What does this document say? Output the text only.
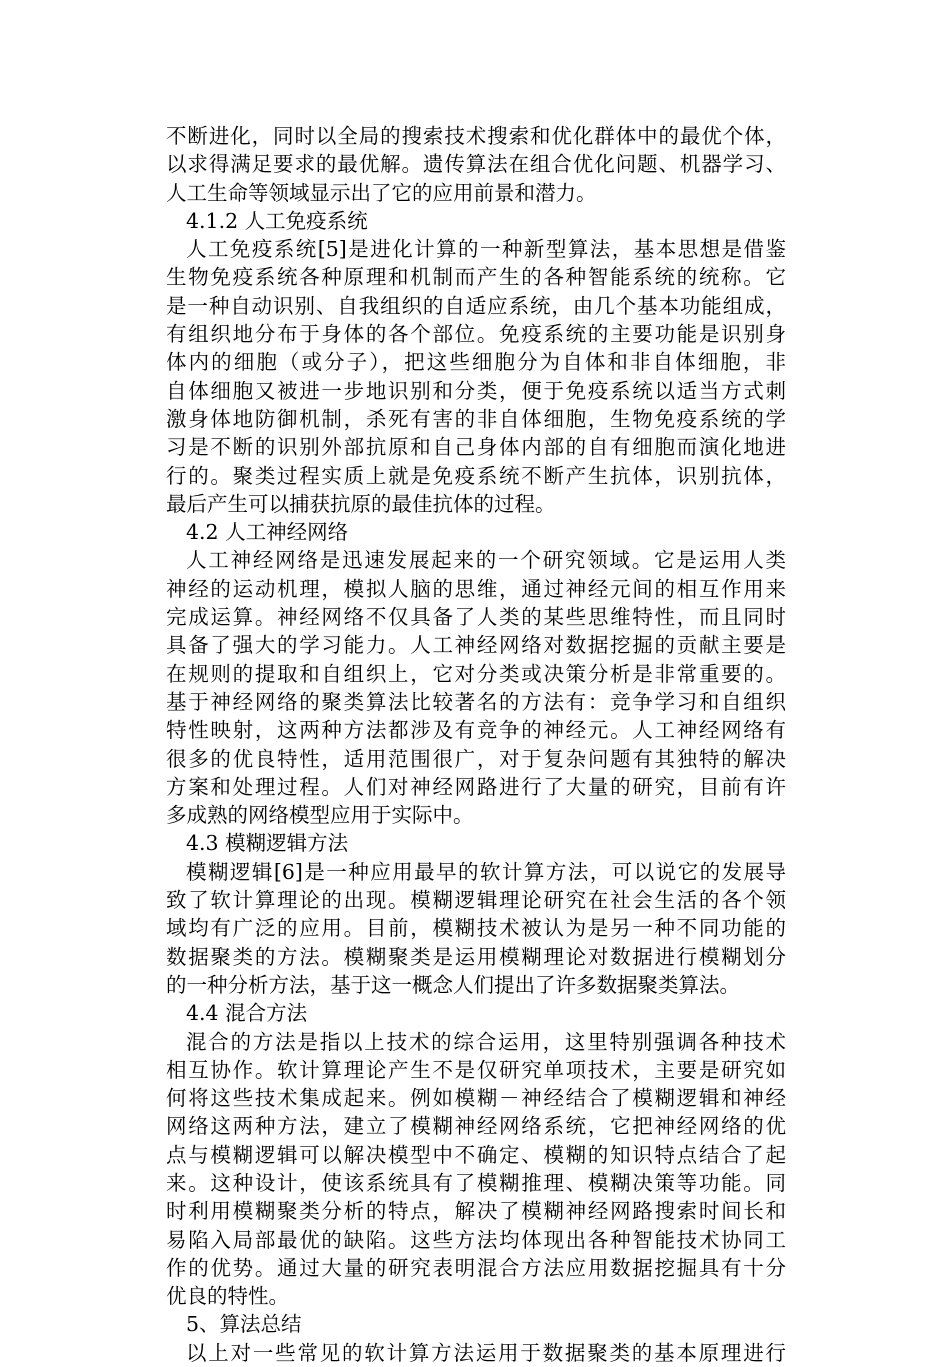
不断进化，同时以全局的搜索技术搜索和优化群体中的最优个体，
以求得满足要求的最优解。遗传算法在组合优化问题、机器学习、
人工生命等领域显示出了它的应用前景和潜力。
4.1.2 人工免疫系统
人工免疫系统[5]是进化计算的一种新型算法，基本思想是借鉴
生物免疫系统各种原理和机制而产生的各种智能系统的统称。它
是一种自动识别、自我组织的自适应系统，由几个基本功能组成，
有组织地分布于身体的各个部位。免疫系统的主要功能是识别身
体内的细胞（或分子），把这些细胞分为自体和非自体细胞，非
自体细胞又被进一步地识别和分类，便于免疫系统以适当方式刺
激身体地防御机制，杀死有害的非自体细胞，生物免疫系统的学
习是不断的识别外部抗原和自己身体内部的自有细胞而演化地进
行的。聚类过程实质上就是免疫系统不断产生抗体，识别抗体，
最后产生可以捕获抗原的最佳抗体的过程。
4.2 人工神经网络
人工神经网络是迅速发展起来的一个研究领域。它是运用人类
神经的运动机理，模拟人脑的思维，通过神经元间的相互作用来
完成运算。神经网络不仅具备了人类的某些思维特性，而且同时
具备了强大的学习能力。人工神经网络对数据挖掘的贡献主要是
在规则的提取和自组织上，它对分类或决策分析是非常重要的。
基于神经网络的聚类算法比较著名的方法有：竞争学习和自组织
特性映射，这两种方法都涉及有竞争的神经元。人工神经网络有
很多的优良特性，适用范围很广，对于复杂问题有其独特的解决
方案和处理过程。人们对神经网路进行了大量的研究，目前有许
多成熟的网络模型应用于实际中。
4.3 模糊逻辑方法
模糊逻辑[6]是一种应用最早的软计算方法，可以说它的发展导
致了软计算理论的出现。模糊逻辑理论研究在社会生活的各个领
域均有广泛的应用。目前，模糊技术被认为是另一种不同功能的
数据聚类的方法。模糊聚类是运用模糊理论对数据进行模糊划分
的一种分析方法，基于这一概念人们提出了许多数据聚类算法。
4.4 混合方法
混合的方法是指以上技术的综合运用，这里特别强调各种技术
相互协作。软计算理论产生不是仅研究单项技术，主要是研究如
何将这些技术集成起来。例如模糊－神经结合了模糊逻辑和神经
网络这两种方法，建立了模糊神经网络系统，它把神经网络的优
点与模糊逻辑可以解决模型中不确定、模糊的知识特点结合了起
来。这种设计，使该系统具有了模糊推理、模糊决策等功能。同
时利用模糊聚类分析的特点，解决了模糊神经网路搜索时间长和
易陷入局部最优的缺陷。这些方法均体现出各种智能技术协同工
作的优势。通过大量的研究表明混合方法应用数据挖掘具有十分
优良的特性。
5、算法总结
以上对一些常见的软计算方法运用于数据聚类的基本原理进行
